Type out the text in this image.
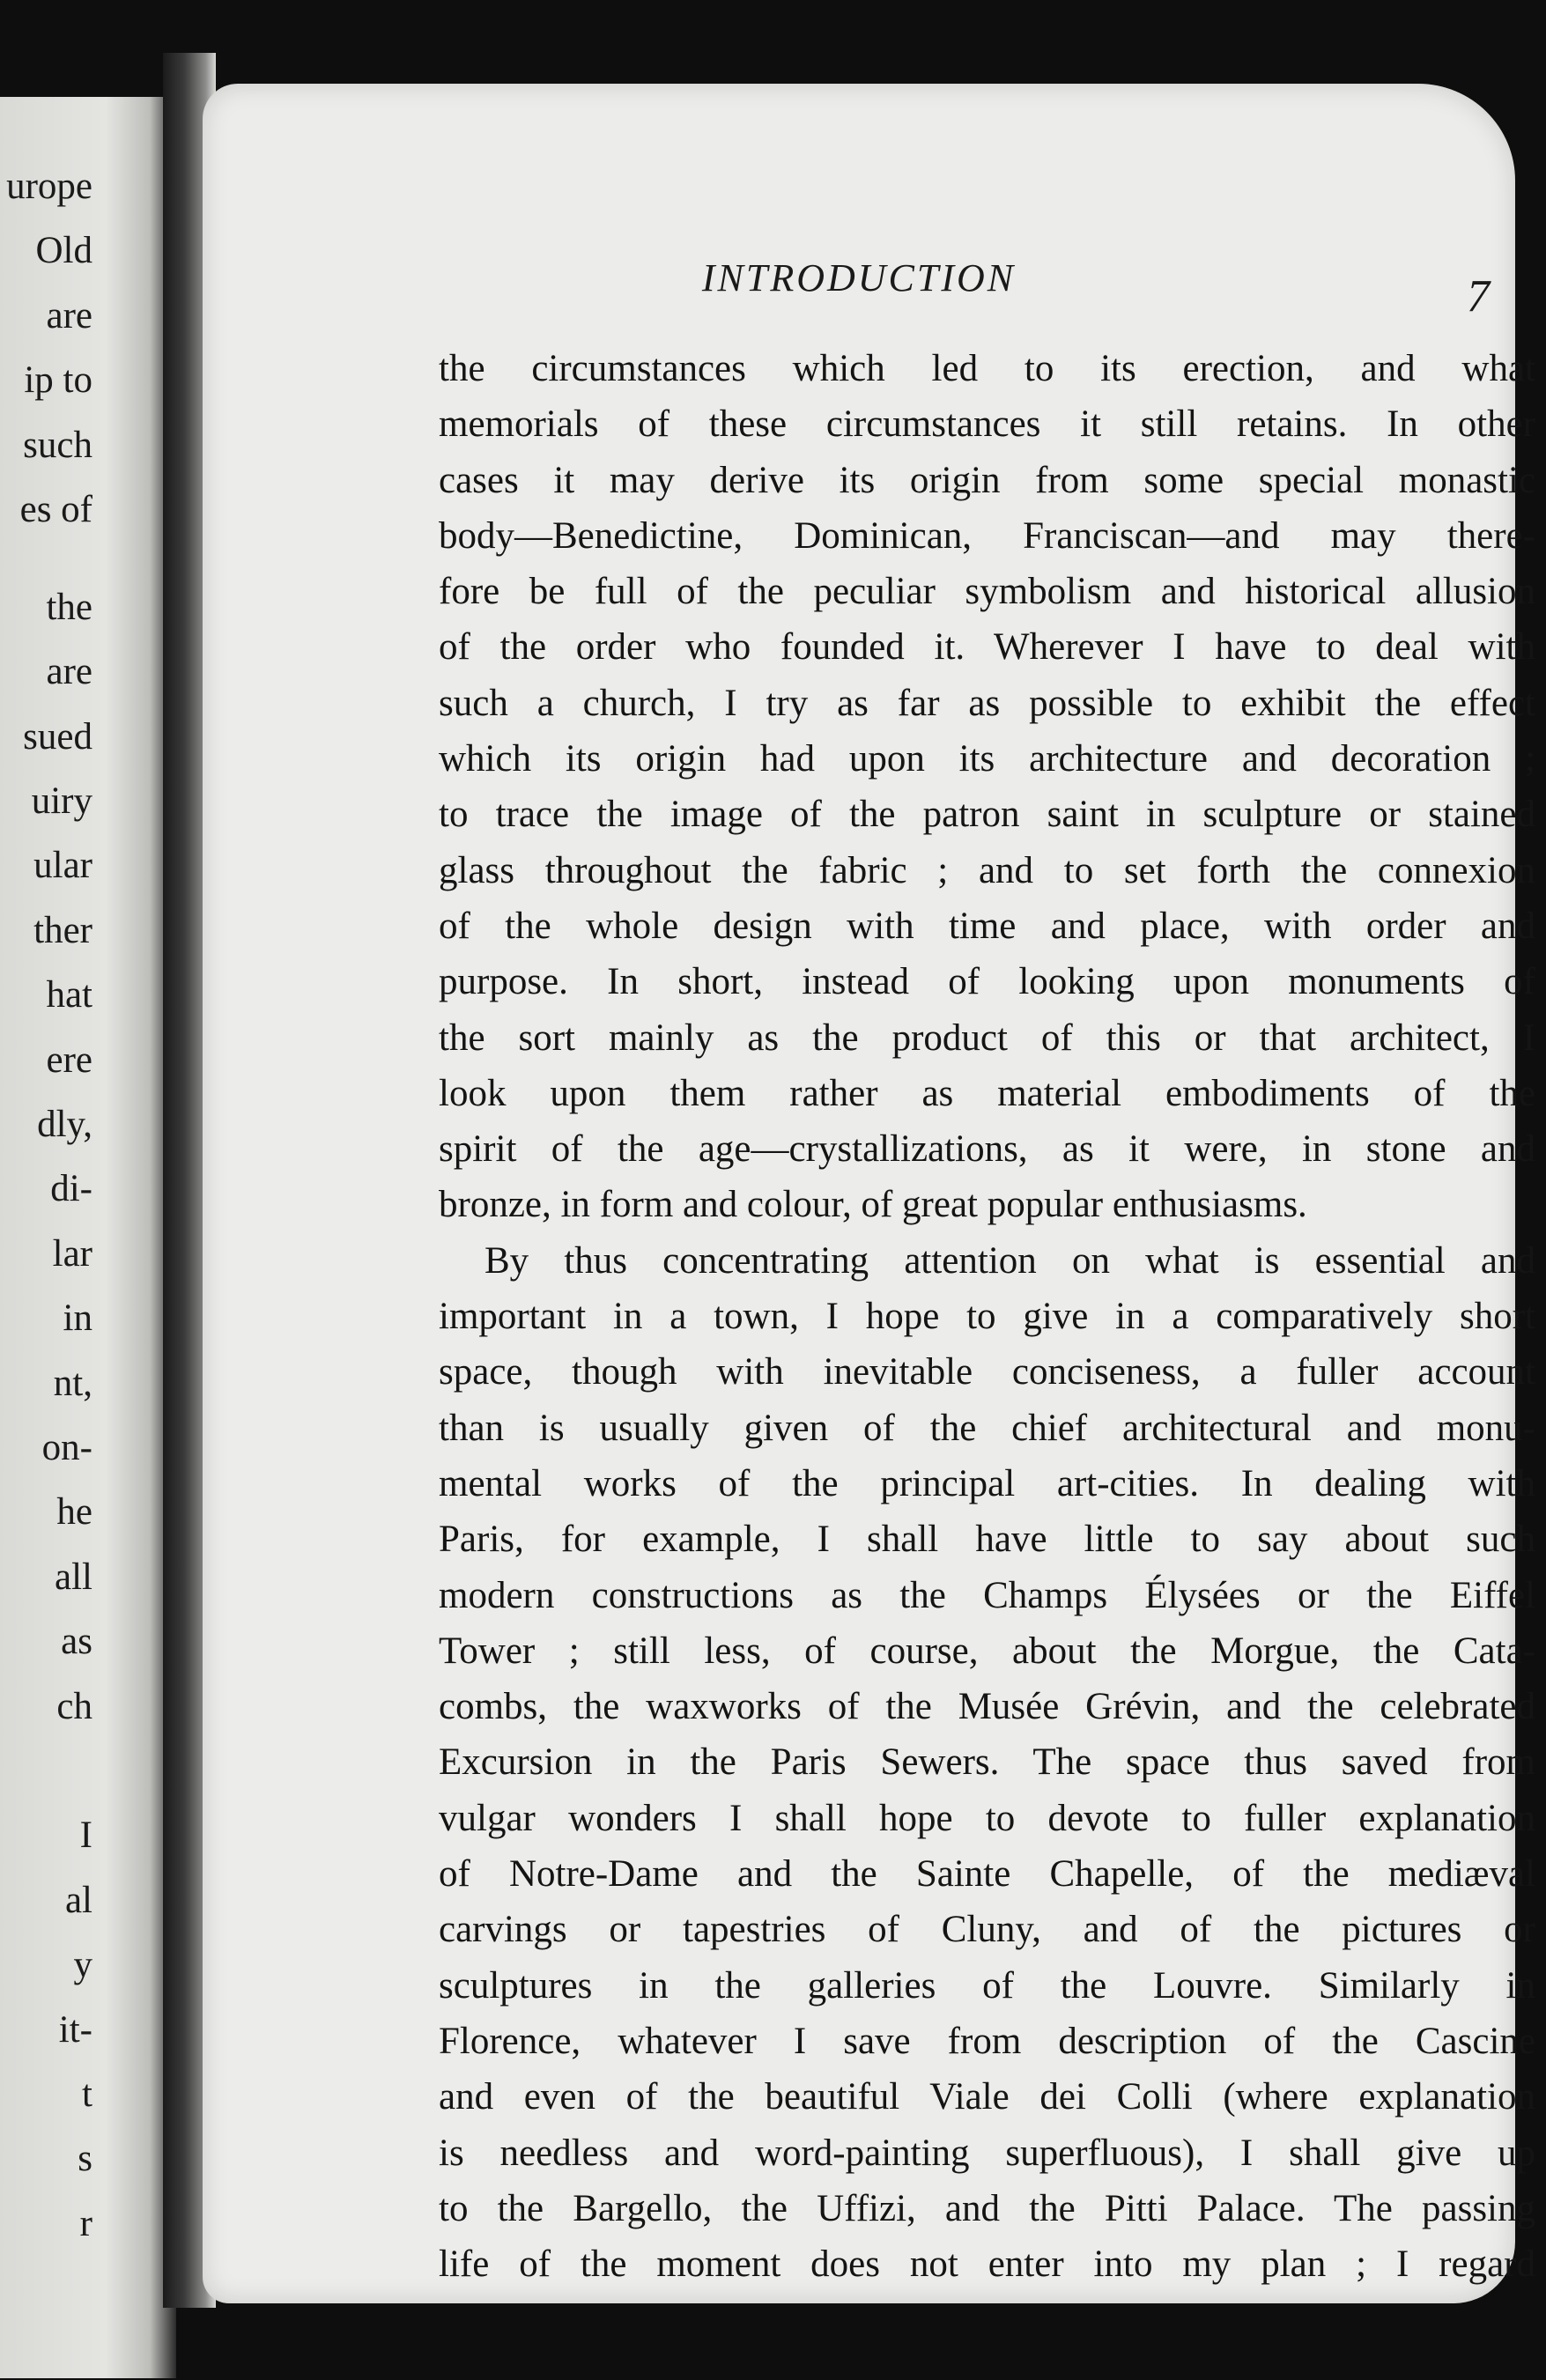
urope
Old
are
ip to
such
es of
the
are
sued
uiry
ular
ther
hat
ere
dly,
di-
lar
in
nt,
on-
he
all
as
ch
I
al
y
it-
t
s
r
INTRODUCTION	7
the circumstances which led to its erection, and what
memorials of these circumstances it still retains. In other
cases it may derive its origin from some special monastic
body—Benedictine, Dominican, Franciscan—and may there-
fore be full of the peculiar symbolism and historical allusion
of the order who founded it. Wherever I have to deal with
such a church, I try as far as possible to exhibit the effect
which its origin had upon its architecture and decoration ;
to trace the image of the patron saint in sculpture or stained
glass throughout the fabric ; and to set forth the connexion
of the whole design with time and place, with order and
purpose. In short, instead of looking upon monuments of
the sort mainly as the product of this or that architect, I
look upon them rather as material embodiments of the
spirit of the age—crystallizations, as it were, in stone and
bronze, in form and colour, of great popular enthusiasms.
By thus concentrating attention on what is essential and
important in a town, I hope to give in a comparatively short
space, though with inevitable conciseness, a fuller account
than is usually given of the chief architectural and monu-
mental works of the principal art-cities. In dealing with
Paris, for example, I shall have little to say about such
modern constructions as the Champs Élysées or the Eiffel
Tower ; still less, of course, about the Morgue, the Cata-
combs, the waxworks of the Musée Grévin, and the celebrated
Excursion in the Paris Sewers. The space thus saved from
vulgar wonders I shall hope to devote to fuller explanation
of Notre-Dame and the Sainte Chapelle, of the mediæval
carvings or tapestries of Cluny, and of the pictures or
sculptures in the galleries of the Louvre. Similarly in
Florence, whatever I save from description of the Cascine
and even of the beautiful Viale dei Colli (where explanation
is needless and word-painting superfluous), I shall give up
to the Bargello, the Uffizi, and the Pitti Palace. The passing
life of the moment does not enter into my plan ; I regard
